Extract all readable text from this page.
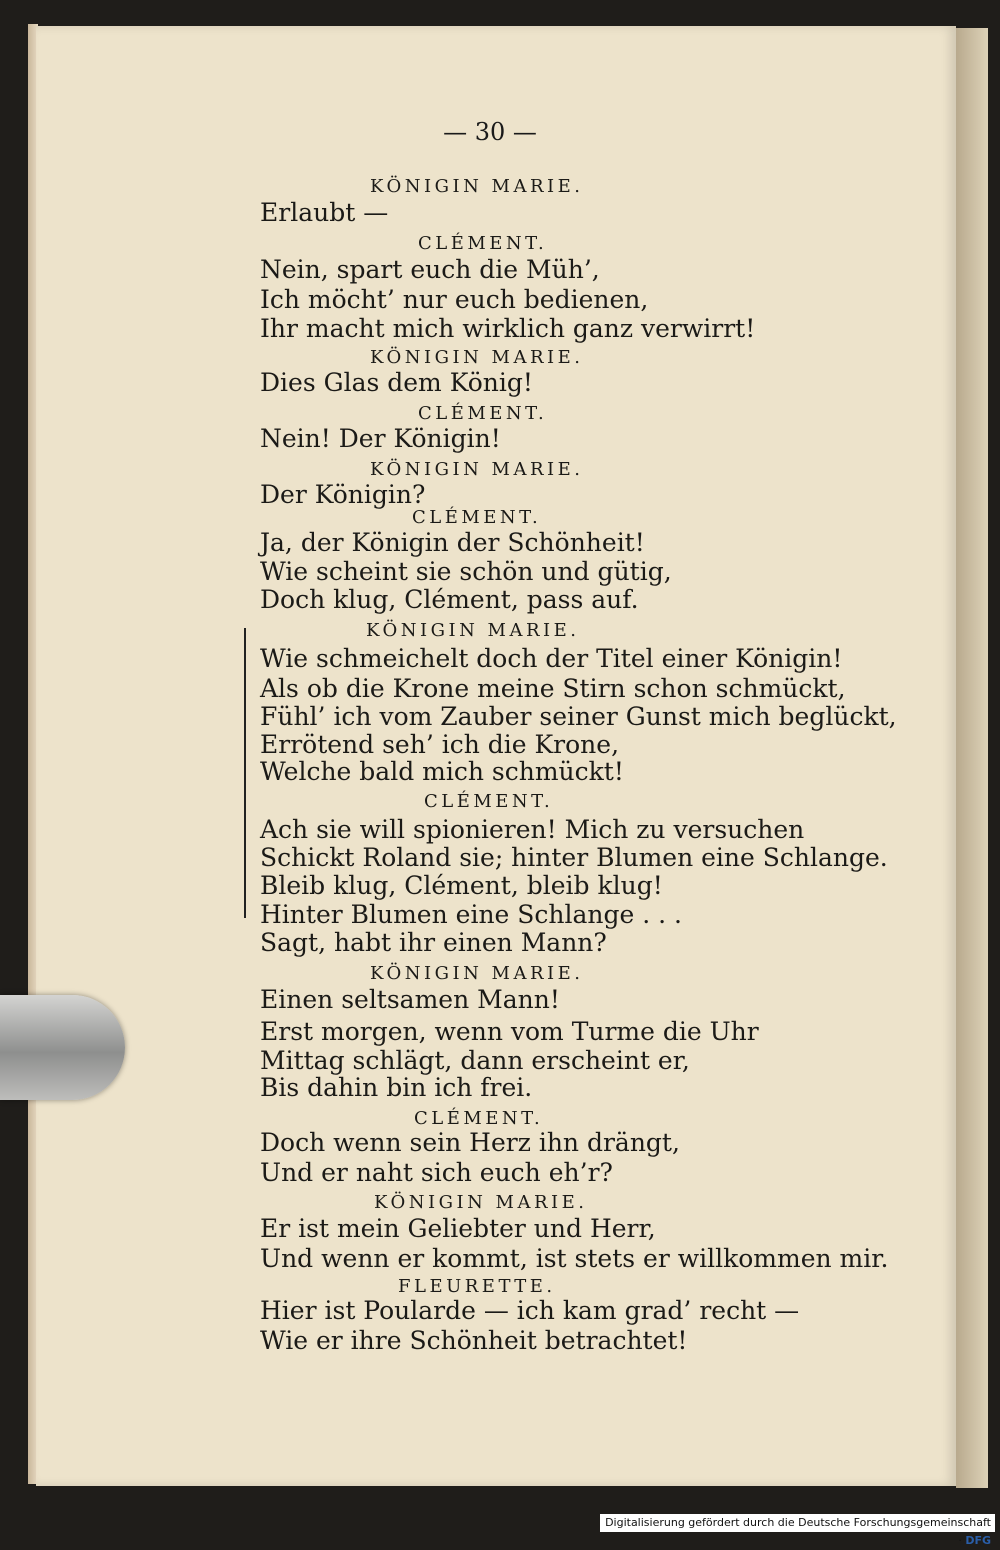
— 30 —
KÖNIGIN MARIE.
Erlaubt —
CLÉMENT.
Nein, spart euch die Müh’,
Ich möcht’ nur euch bedienen,
Ihr macht mich wirklich ganz verwirrt!
KÖNIGIN MARIE.
Dies Glas dem König!
CLÉMENT.
Nein! Der Königin!
KÖNIGIN MARIE.
Der Königin?
CLÉMENT.
Ja, der Königin der Schönheit!
Wie scheint sie schön und gütig,
Doch klug, Clément, pass auf.
KÖNIGIN MARIE.
Wie schmeichelt doch der Titel einer Königin!
Als ob die Krone meine Stirn schon schmückt,
Fühl’ ich vom Zauber seiner Gunst mich beglückt,
Errötend seh’ ich die Krone,
Welche bald mich schmückt!
CLÉMENT.
Ach sie will spionieren! Mich zu versuchen
Schickt Roland sie; hinter Blumen eine Schlange.
Bleib klug, Clément, bleib klug!
Hinter Blumen eine Schlange . . .
Sagt, habt ihr einen Mann?
KÖNIGIN MARIE.
Einen seltsamen Mann!
Erst morgen, wenn vom Turme die Uhr
Mittag schlägt, dann erscheint er,
Bis dahin bin ich frei.
CLÉMENT.
Doch wenn sein Herz ihn drängt,
Und er naht sich euch eh’r?
KÖNIGIN MARIE.
Er ist mein Geliebter und Herr,
Und wenn er kommt, ist stets er willkommen mir.
FLEURETTE.
Hier ist Poularde — ich kam grad’ recht —
Wie er ihre Schönheit betrachtet!
Digitalisierung gefördert durch die Deutsche Forschungsgemeinschaft · DFG
